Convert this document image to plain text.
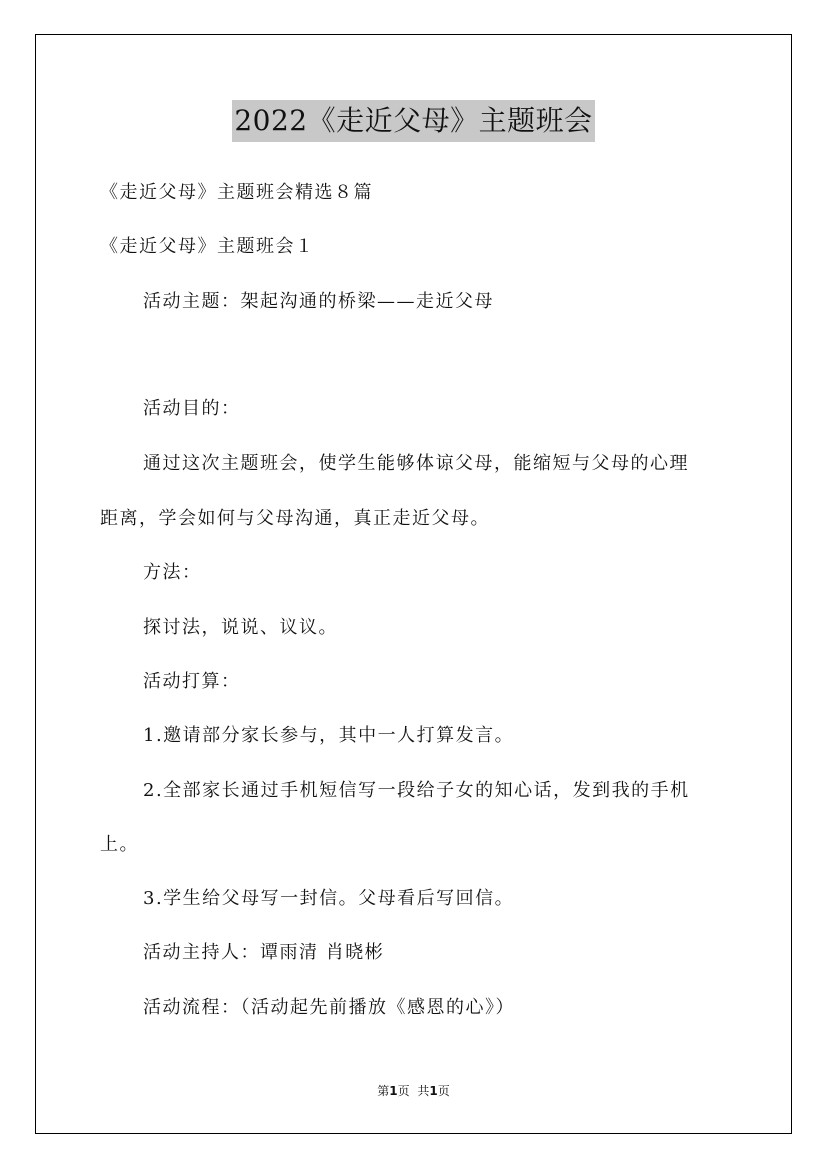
2022《走近父母》主题班会
《走近父母》主题班会精选８篇
《走近父母》主题班会１
活动主题：架起沟通的桥梁——走近父母
活动目的：
通过这次主题班会，使学生能够体谅父母，能缩短与父母的心理
距离，学会如何与父母沟通，真正走近父母。
方法：
探讨法，说说、议议。
活动打算：
1.邀请部分家长参与，其中一人打算发言。
2.全部家长通过手机短信写一段给子女的知心话，发到我的手机
上。
3.学生给父母写一封信。父母看后写回信。
活动主持人：谭雨清 肖晓彬
活动流程：（活动起先前播放《感恩的心》）
第1页 共1页
